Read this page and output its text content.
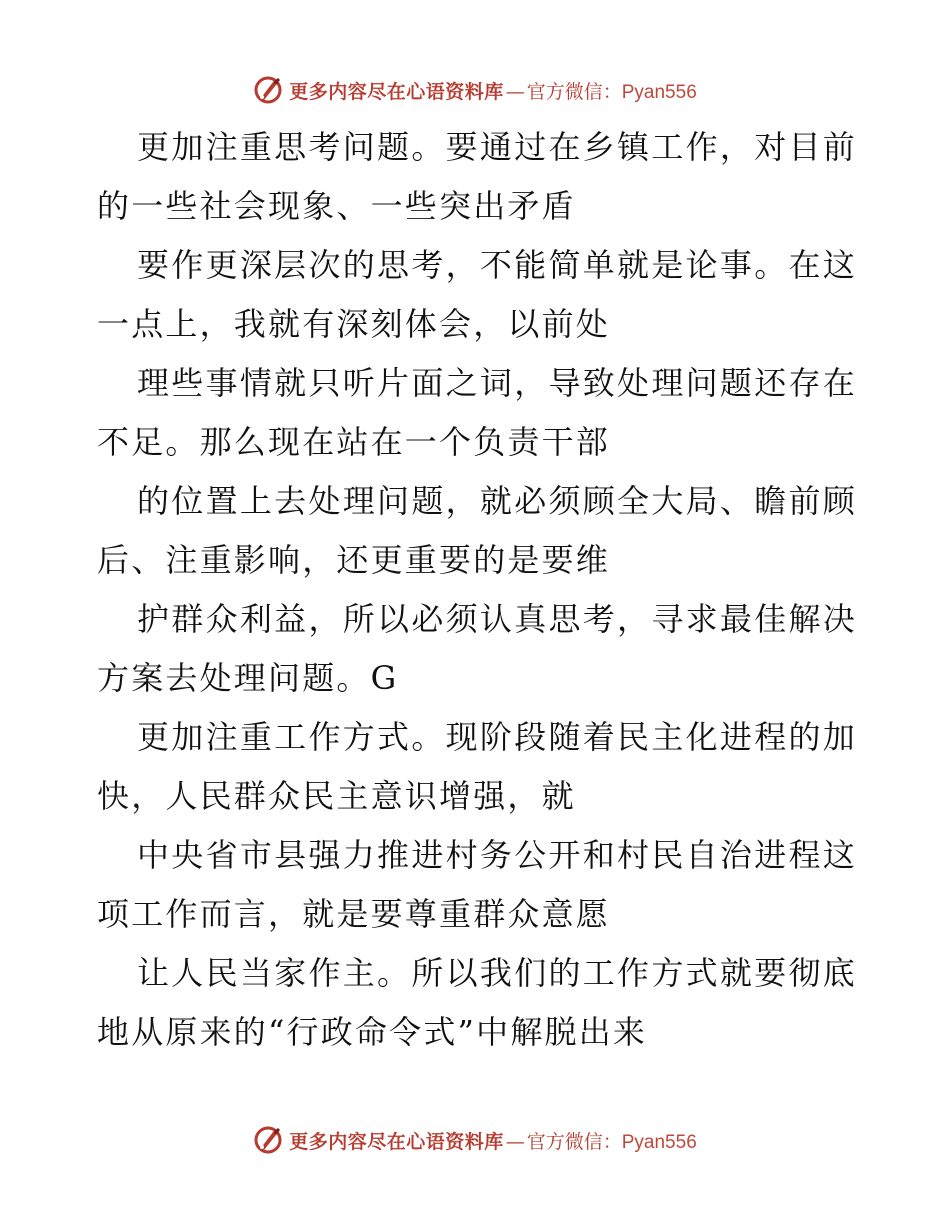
更多内容尽在心语资料库 — 官方微信： Pyan556

更加注重思考问题。要通过在乡镇工作，对目前的一些社会现象、一些突出矛盾

要作更深层次的思考，不能简单就是论事。在这一点上，我就有深刻体会，以前处

理些事情就只听片面之词，导致处理问题还存在不足。那么现在站在一个负责干部

的位置上去处理问题，就必须顾全大局、瞻前顾后、注重影响，还更重要的是要维

护群众利益，所以必须认真思考，寻求最佳解决方案去处理问题。G

更加注重工作方式。现阶段随着民主化进程的加快，人民群众民主意识增强，就

中央省市县强力推进村务公开和村民自治进程这项工作而言，就是要尊重群众意愿

让人民当家作主。所以我们的工作方式就要彻底地从原来的“行政命令式”中解脱出来

更多内容尽在心语资料库 — 官方微信： Pyan556
